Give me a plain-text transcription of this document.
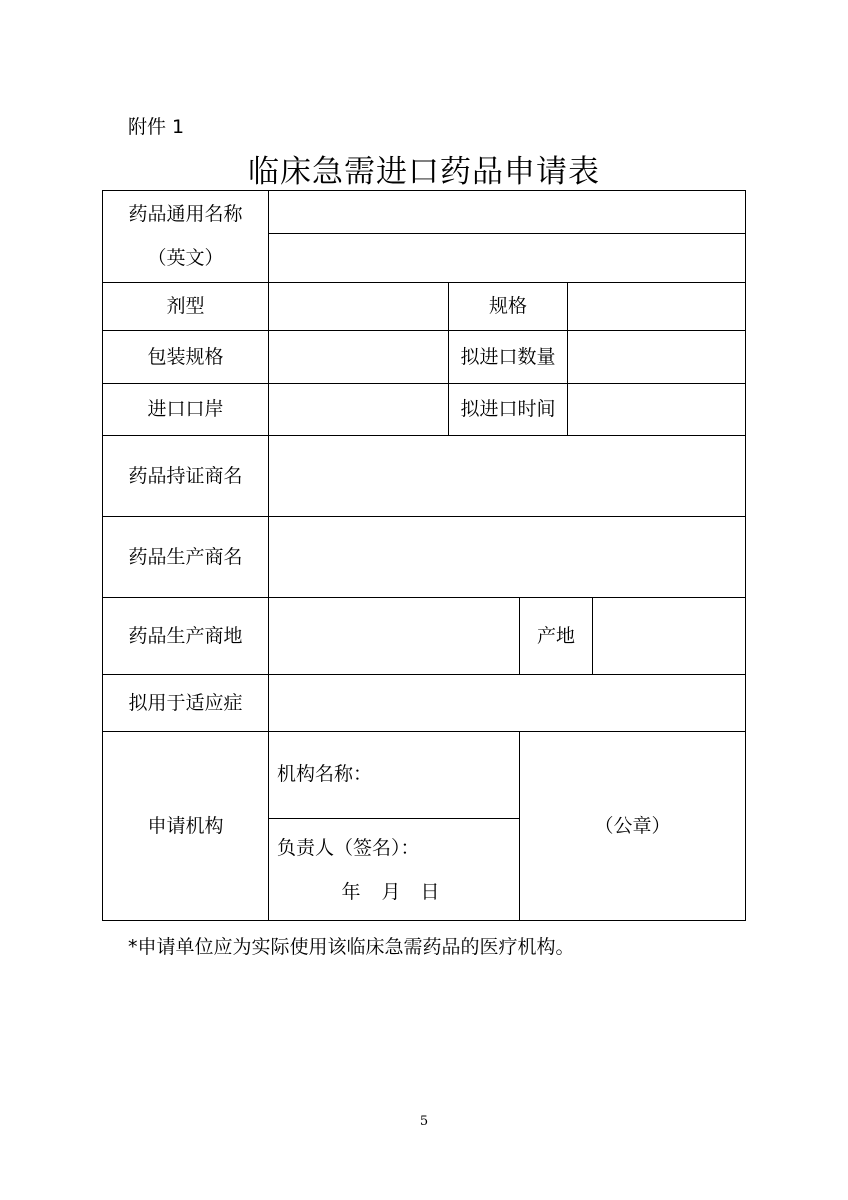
附件 1
临床急需进口药品申请表
药品通用名称
（英文）
剂型	规格
包装规格	拟进口数量
进口口岸	拟进口时间
药品持证商名
药品生产商名
药品生产商地	产地
拟用于适应症
申请机构
机构名称：
负责人（签名）：
年 月 日
（公章）
*申请单位应为实际使用该临床急需药品的医疗机构。
5
